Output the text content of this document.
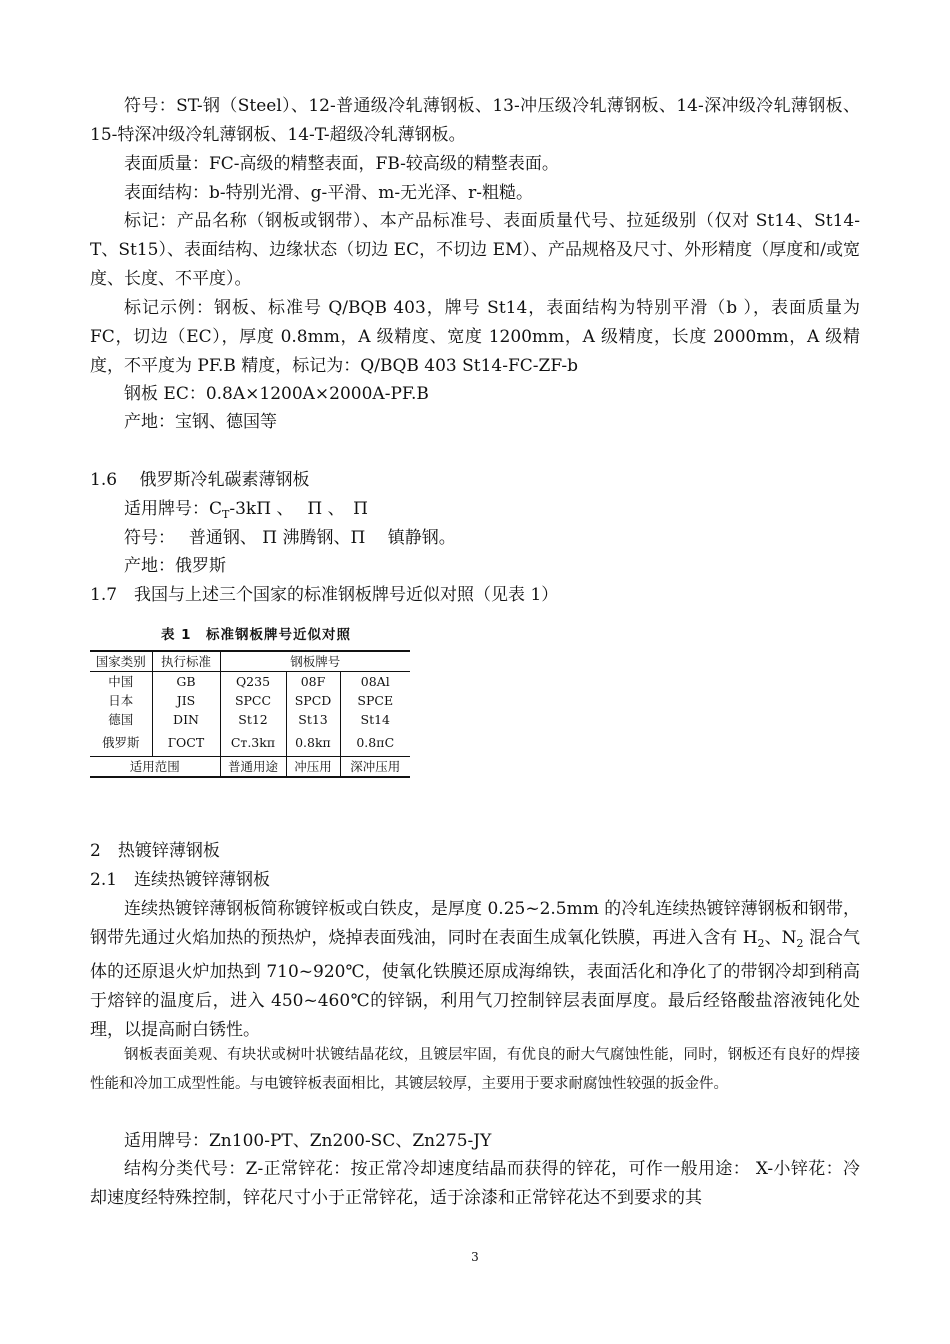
符号：ST-钢（Steel）、12-普通级冷轧薄钢板、13-冲压级冷轧薄钢板、14-深冲级冷轧薄钢板、15-特深冲级冷轧薄钢板、14-T-超级冷轧薄钢板。
表面质量：FC-高级的精整表面，FB-较高级的精整表面。
表面结构：b-特别光滑、g-平滑、m-无光泽、r-粗糙。
标记：产品名称（钢板或钢带）、本产品标准号、表面质量代号、拉延级别（仅对 St14、St14-T、St15）、表面结构、边缘状态（切边 EC，不切边 EM）、产品规格及尺寸、外形精度（厚度和/或宽度、长度、不平度）。
标记示例：钢板、标准号 Q/BQB 403，牌号 St14，表面结构为特别平滑（b ），表面质量为 FC，切边（EC），厚度 0.8mm，A 级精度、宽度 1200mm，A 级精度，长度 2000mm，A 级精度，不平度为 PF.B 精度，标记为：Q/BQB 403 St14-FC-ZF-b
钢板 EC：0.8A×1200A×2000A-PF.B
产地：宝钢、德国等
1.6　 俄罗斯冷轧碳素薄钢板
适用牌号：$C_T-3kП$ 、　 П 、　П
符号：　 普通钢、 П 沸腾钢、П　 镇静钢。
产地：俄罗斯
1.7　我国与上述三个国家的标准钢板牌号近似对照（见表 1）
表 1　标准钢板牌号近似对照
国家类别	执行标准	钢板牌号		
中国	GB	Q235	08F	08Al
日本	JIS	SPCC	SPCD	SPCE
德国	DIN	St12	St13	St14
俄罗斯	ГОСТ	Cт.3kп	0.8kп	0.8пC
适用范围		普通用途	冲压用	深冲压用
2　热镀锌薄钢板
2.1　连续热镀锌薄钢板
连续热镀锌薄钢板简称镀锌板或白铁皮，是厚度 0.25~2.5mm 的冷轧连续热镀锌薄钢板和钢带，钢带先通过火焰加热的预热炉，烧掉表面残油，同时在表面生成氧化铁膜，再进入含有 $H_2$、$N_2$ 混合气体的还原退火炉加热到 710~920℃，使氧化铁膜还原成海绵铁，表面活化和净化了的带钢冷却到稍高于熔锌的温度后，进入 450~460℃的锌锅，利用气刀控制锌层表面厚度。最后经铬酸盐溶液钝化处理，以提高耐白锈性。
钢板表面美观、有块状或树叶状镀结晶花纹，且镀层牢固，有优良的耐大气腐蚀性能，同时，钢板还有良好的焊接性能和冷加工成型性能。与电镀锌板表面相比，其镀层较厚，主要用于要求耐腐蚀性较强的扳金件。
适用牌号：Zn100-PT、Zn200-SC、Zn275-JY
结构分类代号：Z-正常锌花：按正常冷却速度结晶而获得的锌花，可作一般用途： X-小锌花：冷却速度经特殊控制，锌花尺寸小于正常锌花，适于涂漆和正常锌花达不到要求的其
3
